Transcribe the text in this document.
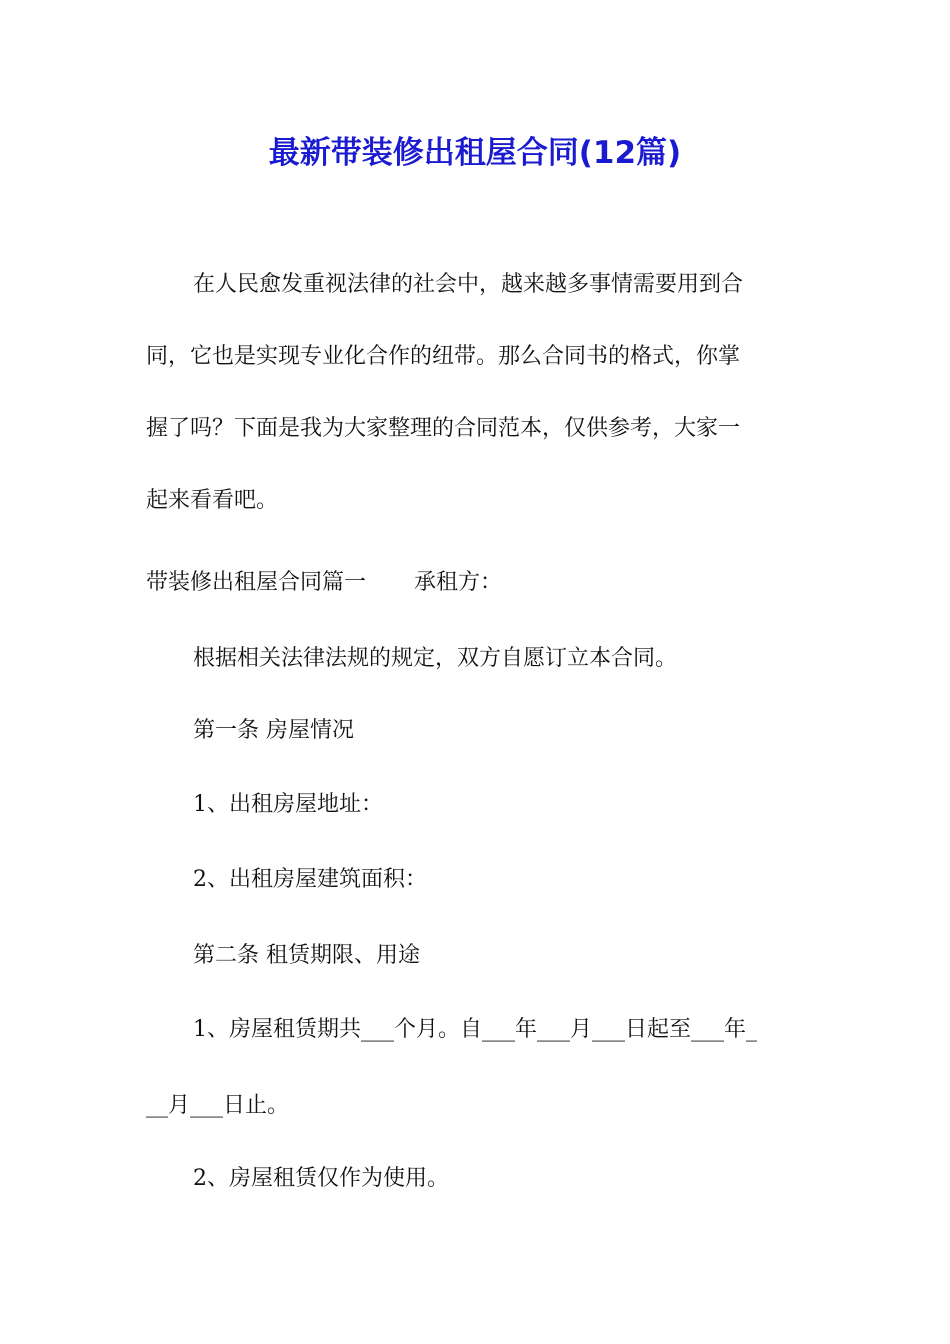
最新带装修出租屋合同(12篇)
在人民愈发重视法律的社会中，越来越多事情需要用到合
同，它也是实现专业化合作的纽带。那么合同书的格式，你掌
握了吗？下面是我为大家整理的合同范本，仅供参考，大家一
起来看看吧。
带装修出租屋合同篇一 承租方：
根据相关法律法规的规定，双方自愿订立本合同。
第一条 房屋情况
1、出租房屋地址：
2、出租房屋建筑面积：
第二条 租赁期限、用途
1、房屋租赁期共___个月。自___年___月___日起至___年_
__月___日止。
2、房屋租赁仅作为使用。
